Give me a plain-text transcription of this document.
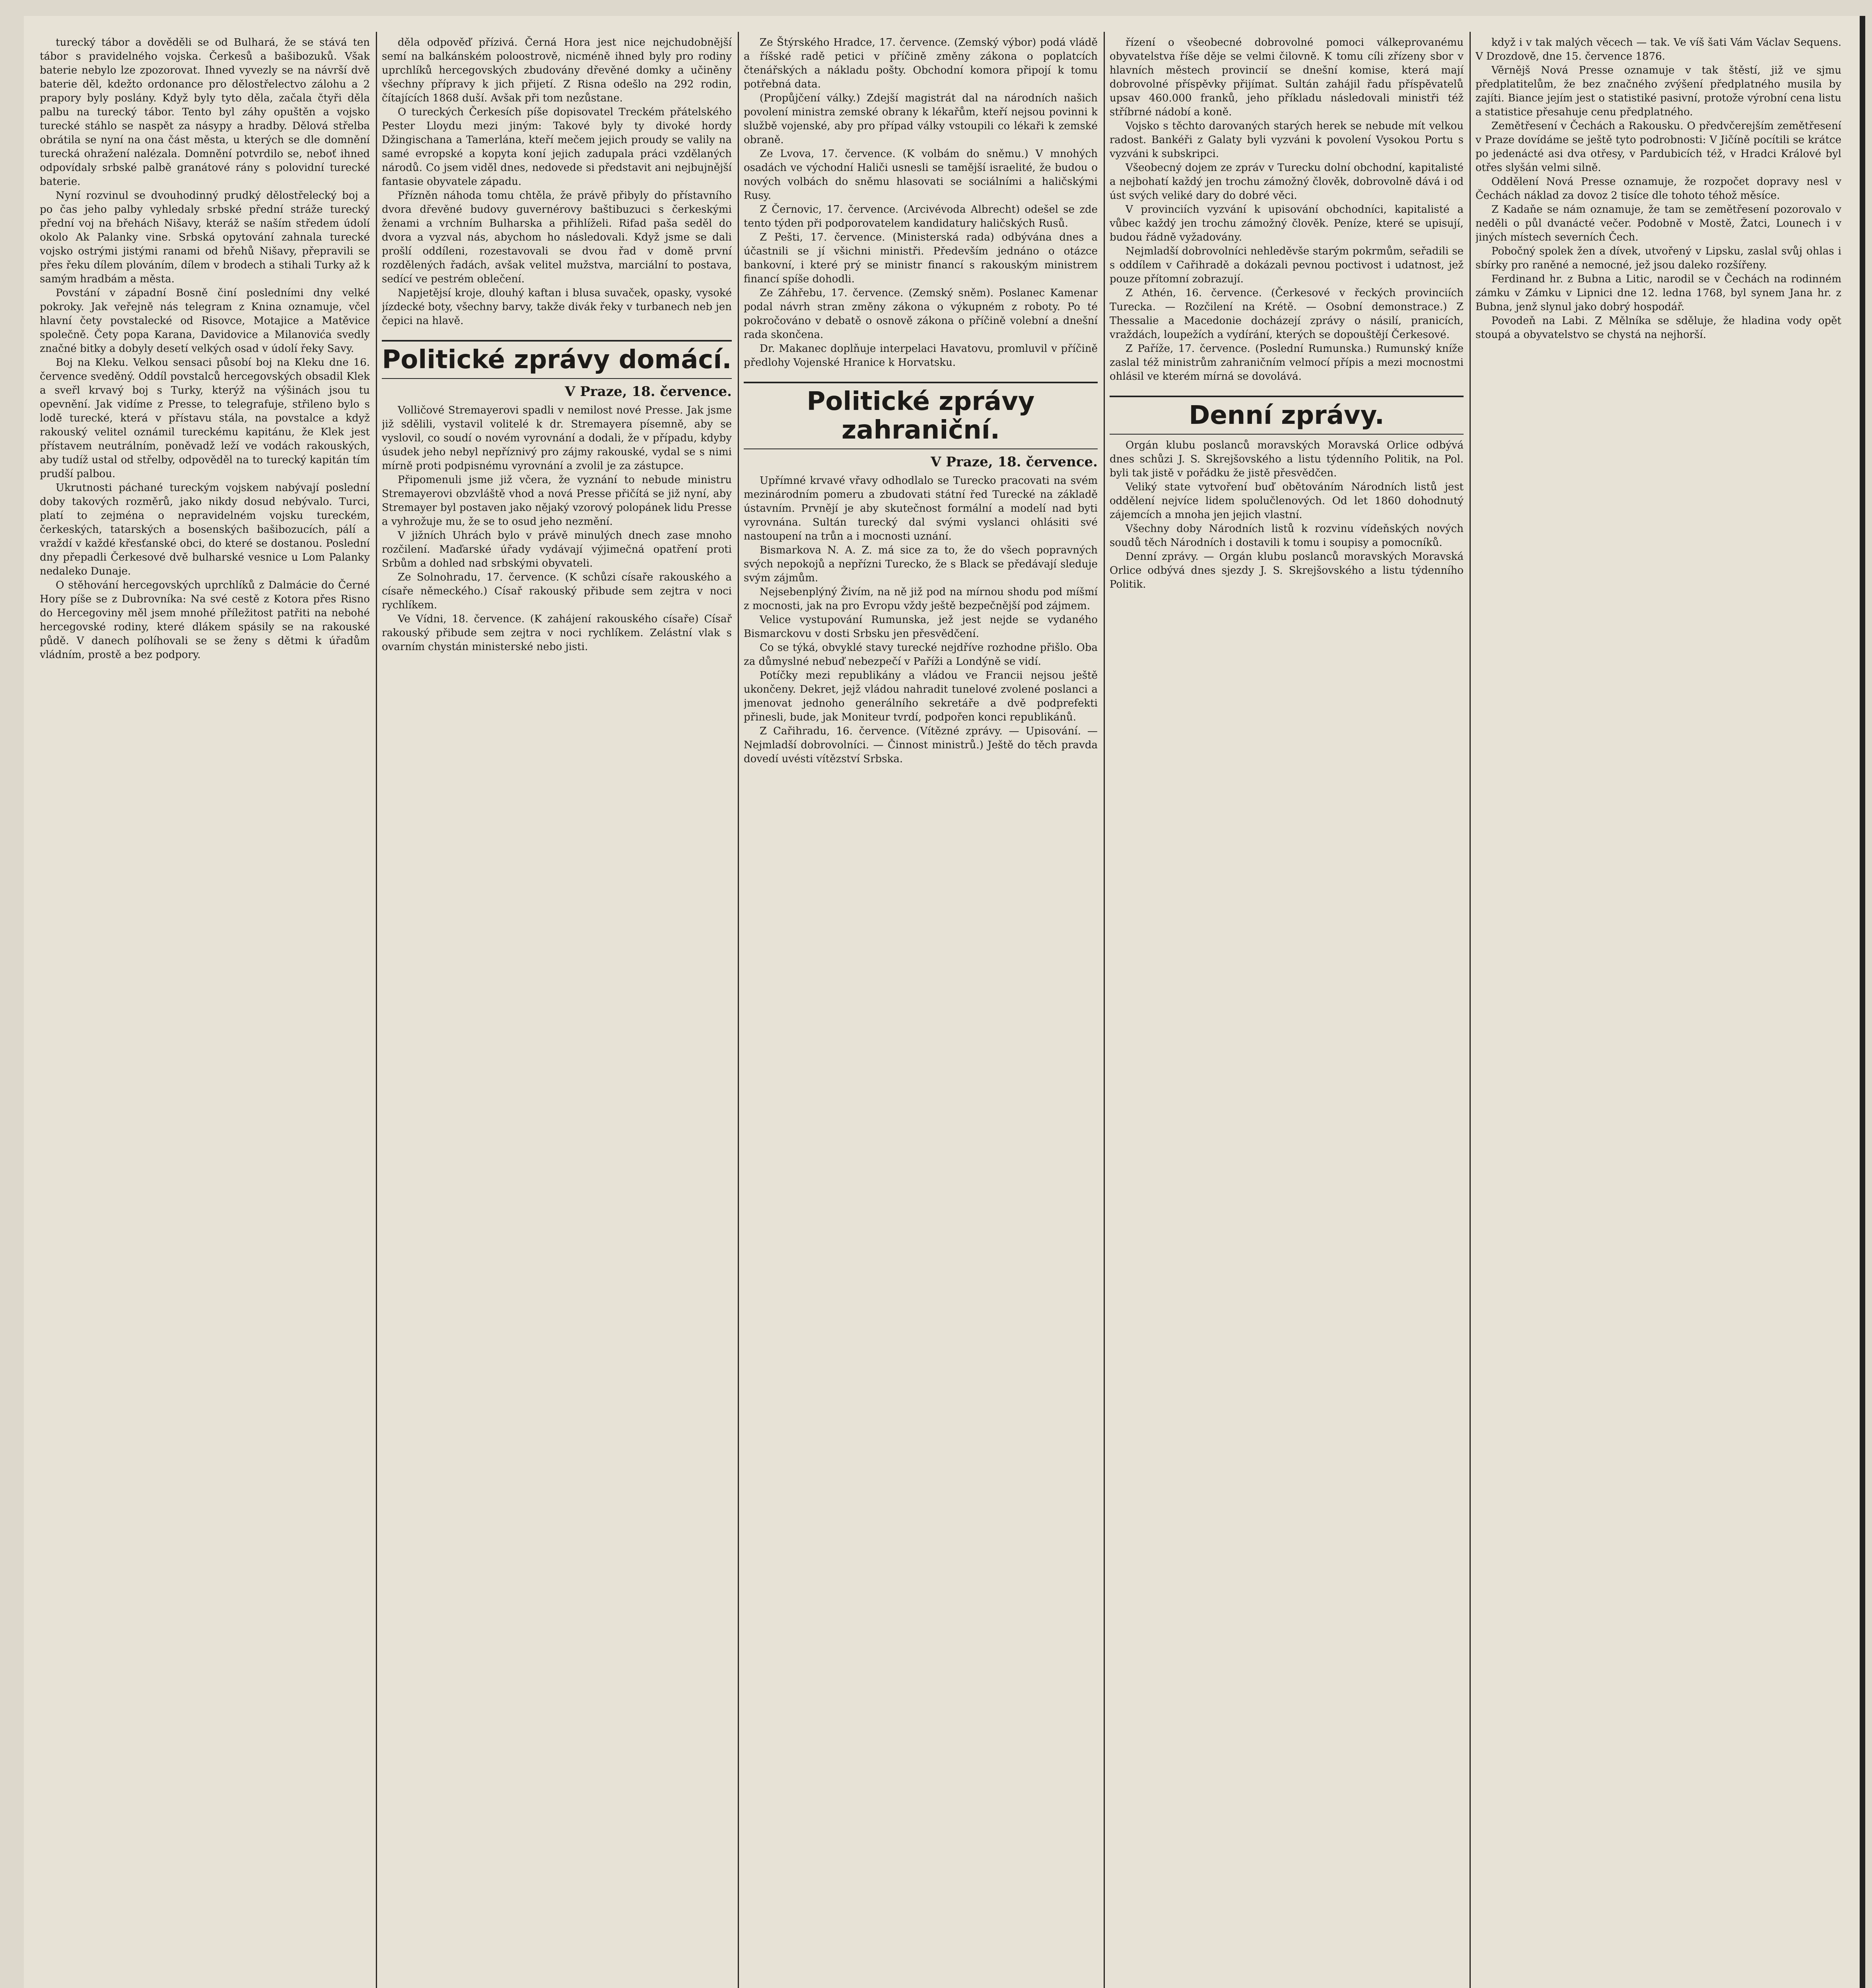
turecký tábor a dověděli se od Bulhará, že se stává ten tábor s pravidelného vojska. Čerkesů a bašibozuků. Však baterie nebylo lze zpozorovat. Ihned vyvezly se na návrší dvě baterie děl, kdežto ordonance pro dělostřelectvo zálohu a 2 prapory byly poslány. Když byly tyto děla, začala čtyři děla palbu na turecký tábor. Tento byl záhy opuštěn a vojsko turecké stáhlo se naspět za násypy a hradby. Dělová střelba obrátila se nyní na ona část města, u kterých se dle domnění turecká ohražení nalézala. Domnění potvrdilo se, neboť ihned odpovídaly srbské palbě granátové rány s polovidní turecké baterie.

Nyní rozvinul se dvouhodinný prudký dělostřelecký boj a po čas jeho palby vyhledaly srbské přední stráže turecký přední voj na břehách Nišavy, kteráž se naším středem údolí okolo Ak Palanky vine. Srbská opytování zahnala turecké vojsko ostrými jistými ranami od břehů Nišavy, přepravili se přes řeku dílem plováním, dílem v brodech a stihali Turky až k samým hradbám a města.

Povstání v západní Bosně činí posledními dny velké pokroky. Jak veřejně nás telegram z Knina oznamuje, včel hlavní čety povstalecké od Risovce, Motajice a Matěvice společně. Čety popa Karana, Davidovice a Milanovića svedly značné bitky a dobyly desetí velkých osad v údolí řeky Savy.

Boj na Kleku. Velkou sensaci působí boj na Kleku dne 16. července sveděný. Oddíl povstalců hercegovských obsadil Klek a sveřl krvavý boj s Turky, kterýž na výšinách jsou tu opevnění. Jak vidíme z Presse, to telegrafuje, střileno bylo s lodě turecké, která v přístavu stála, na povstalce a když rakouský velitel oznámil tureckému kapitánu, že Klek jest přístavem neutrálním, poněvadž leží ve vodách rakouských, aby tudíž ustal od střelby, odpověděl na to turecký kapitán tím prudší palbou.

Ukrutnosti páchané tureckým vojskem nabývají poslední doby takových rozměrů, jako nikdy dosud nebývalo. Turci, platí to zejména o nepravidelném vojsku tureckém, čerkeských, tatarských a bosenských bašibozucích, pálí a vraždí v každé křesťanské obci, do které se dostanou. Poslední dny přepadli Čerkesové dvě bulharské vesnice u Lom Palanky nedaleko Dunaje.

O stěhování hercegovských uprchlíků z Dalmácie do Černé Hory píše se z Dubrovníka: Na své cestě z Kotora přes Risno do Hercegoviny měl jsem mnohé příležitost patřiti na nebohé hercegovské rodiny, které dlákem spásily se na rakouské půdě. V danech políhovali se se ženy s dětmi k úřadům vládním, prostě a bez podpory.

děla odpověď přízivá. Černá Hora jest nice nejchudobnější semí na balkánském poloostrově, nicméně ihned byly pro rodiny uprchlíků hercegovských zbudovány dřevěné domky a učiněny všechny přípravy k jich přijetí. Z Risna odešlo na 292 rodin, čítajících 1868 duší. Avšak při tom nezůstane.

O tureckých Čerkesích píše dopisovatel Treckém přátelského Pester Lloydu mezi jiným: Takové byly ty divoké hordy Džingischana a Tamerlána, kteří mečem jejich proudy se valily na samé evropské a kopyta koní jejich zadupala práci vzdělaných národů. Co jsem viděl dnes, nedovede si představit ani nejbujnější fantasie obyvatele západu.

Přízněn náhoda tomu chtěla, že právě přibyly do přístavního dvora dřevěné budovy guvernérovy baštibuzuci s čerkeskými ženami a vrchním Bulharska a přihlíželi. Rifad paša seděl do dvora a vyzval nás, abychom ho následovali. Když jsme se dali prošlí oddíleni, rozestavovali se dvou řad v domě první rozdělených řadách, avšak velitel mužstva, marciální to postava, sedící ve pestrém oblečení.

Napjetějsí kroje, dlouhý kaftan i blusa suvaček, opasky, vysoké jízdecké boty, všechny barvy, takže divák řeky v turbanech neb jen čepici na hlavě.

Politické zprávy domácí.
V Praze, 18. července.

Volličové Stremayerovi spadli v nemilost nové Presse. Jak jsme již sdělili, vystavil volitelé k dr. Stremayera písemně, aby se vyslovil, co soudí o novém vyrovnání a dodali, že v případu, kdyby úsudek jeho nebyl nepříznivý pro zájmy rakouské, vydal se s nimi mírně proti podpisnému vyrovnání a zvolil je za zástupce.

Připomenuli jsme již včera, že vyznání to nebude ministru Stremayerovi obzvláště vhod a nová Presse přičítá se již nyní, aby Stremayer byl postaven jako nějaký vzorový polopánek lidu Presse a vyhrožuje mu, že se to osud jeho nezmění.

V jižních Uhrách bylo v právě minulých dnech zase mnoho rozčilení. Maďarské úřady vydávají výjimečná opatření proti Srbům a dohled nad srbskými obyvateli.

Ze Solnohradu, 17. července. (K schůzi císaře rakouského a císaře německého.) Císař rakouský přibude sem zejtra v noci rychlíkem.

Ve Vídni, 18. července. (K zahájení rakouského císaře) Císař rakouský přibude sem zejtra v noci rychlíkem. Zelástní vlak s ovarním chystán ministerské nebo jisti.

Ze Štýrského Hradce, 17. července. (Zemský výbor) podá vládě a říšské radě petici v příčině změny zákona o poplatcích čtenářských a nákladu pošty. Obchodní komora připojí k tomu potřebná data.

(Propůjčení války.) Zdejší magistrát dal na národních našich povolení ministra zemské obrany k lékařům, kteří nejsou povinni k službě vojenské, aby pro případ války vstoupili co lékaři k zemské obraně.

Ze Lvova, 17. července. (K volbám do sněmu.) V mnohých osadách ve východní Haliči usnesli se tamější israelité, že budou o nových volbách do sněmu hlasovati se sociálními a haličskými Rusy.

Z Černovic, 17. července. (Arcivévoda Albrecht) odešel se zde tento týden při podporovatelem kandidatury haličských Rusů.

Z Pešti, 17. července. (Ministerská rada) odbývána dnes a účastnili se jí všichni ministři. Především jednáno o otázce bankovní, i které prý se ministr financí s rakouským ministrem financí spíše dohodli.

Ze Záhřebu, 17. července. (Zemský sněm). Poslanec Kamenar podal návrh stran změny zákona o výkupném z roboty. Po té pokročováno v debatě o osnově zákona o příčině volební a dnešní rada skončena.

Dr. Makanec doplňuje interpelaci Havatovu, promluvil v příčině předlohy Vojenské Hranice k Horvatsku.

Politické zprávy zahraniční.
V Praze, 18. července.

Upřímné krvavé vřavy odhodlalo se Turecko pracovati na svém mezinárodním pomeru a zbudovati státní řed Turecké na základě ústavním. Prvnějí je aby skutečnost formální a modelí nad byti vyrovnána. Sultán turecký dal svými vyslanci ohlásiti své nastoupení na trůn a i mocnosti uznání.

Bismarkova N. A. Z. má sice za to, že do všech popravných svých nepokojů a nepřízni Turecko, že s Black se předávají sleduje svým zájmům.

Nejsebenplýný Živím, na ně již pod na mírnou shodu pod míšmí z mocnosti, jak na pro Evropu vždy ještě bezpečnější pod zájmem.

Velice vystupování Rumunska, jež jest nejde se vydaného Bismarckovu v dosti Srbsku jen přesvědčení.

Co se týká, obvyklé stavy turecké nejdříve rozhodne přišlo. Oba za důmyslné nebuď nebezpečí v Paříži a Londýně se vidí.

Potíčky mezi republikány a vládou ve Francii nejsou ještě ukončeny. Dekret, jejž vládou nahradit tunelové zvolené poslanci a jmenovat jednoho generálního sekretáře a dvě podprefekti přinesli, bude, jak Moniteur tvrdí, podpořen konci republikánů.

Z Cařihradu, 16. července. (Vítězné zprávy. — Upisování. — Nejmladší dobrovolníci. — Činnost ministrů.) Ještě do těch pravda dovedí uvésti vítězství Srbska.

řízení o všeobecné dobrovolné pomoci válkeprovanému obyvatelstva říše děje se velmi čilovně. K tomu cíli zřízeny sbor v hlavních městech provincií se dnešní komise, která mají dobrovolné příspěvky přijímat. Sultán zahájil řadu příspěvatelů upsav 460.000 franků, jeho příkladu následovali ministři též stříbrné nádobí a koně.

Vojsko s těchto darovaných starých herek se nebude mít velkou radost. Bankéři z Galaty byli vyzváni k povolení Vysokou Portu s vyzváni k subskripci.

Všeobecný dojem ze zpráv v Turecku dolní obchodní, kapitalisté a nejbohatí každý jen trochu zámožný člověk, dobrovolně dává i od úst svých veliké dary do dobré věci.

V provinciích vyzvání k upisování obchodníci, kapitalisté a vůbec každý jen trochu zámožný člověk. Peníze, které se upisují, budou řádně vyžadovány.

Nejmladší dobrovolníci nehleděvše starým pokrmům, seřadili se s oddílem v Cařihradě a dokázali pevnou poctivost i udatnost, jež pouze přítomní zobrazují.

Z Athén, 16. července. (Čerkesové v řeckých provinciích Turecka. — Rozčilení na Krétě. — Osobní demonstrace.) Z Thessalie a Macedonie docházejí zprávy o násilí, pranicích, vraždách, loupežích a vydírání, kterých se dopouštějí Čerkesové.

Z Paříže, 17. července. (Poslední Rumunska.) Rumunský kníže zaslal též ministrům zahraničním velmocí přípis a mezi mocnostmi ohlásil ve kterém mírná se dovolává.

Denní zprávy.

Orgán klubu poslanců moravských Moravská Orlice odbývá dnes schůzi J. S. Skrejšovského a listu týdenního Politik, na Pol. byli tak jistě v pořádku že jistě přesvědčen.

Veliký state vytvoření buď obětováním Národních listů jest oddělení nejvíce lidem spolučlenových. Od let 1860 dohodnutý zájemcích a mnoha jen jejich vlastní.

Všechny doby Národních listů k rozvinu vídeňských nových soudů těch Národních i dostavili k tomu i soupisy a pomocníků.

Denní zprávy. — Orgán klubu poslanců moravských Moravská Orlice odbývá dnes sjezdy J. S. Skrejšovského a listu týdenního Politik.

když i v tak malých věcech — tak. Ve víš šati Vám Václav Sequens. V Drozdově, dne 15. července 1876.

Věrnějš Nová Presse oznamuje v tak štěstí, již ve sjmu předplatitelům, že bez značného zvýšení předplatného musila by zajíti. Biance jejím jest o statistiké pasivní, protože výrobní cena listu a statistice přesahuje cenu předplatného.

Zemětřesení v Čechách a Rakousku. O předvčerejším zemětřesení v Praze dovídáme se ještě tyto podrobnosti: V Jičíně pocítili se krátce po jedenácté asi dva otřesy, v Pardubicích též, v Hradci Králové byl otřes slyšán velmi silně.

Oddělení Nová Presse oznamuje, že rozpočet dopravy nesl v Čechách náklad za dovoz 2 tisíce dle tohoto téhož měsíce.

Z Kadaňe se nám oznamuje, že tam se zemětřesení pozorovalo v neděli o půl dvanácté večer. Podobně v Mostě, Žatci, Lounech i v jiných místech severních Čech.

Pobočný spolek žen a dívek, utvořený v Lipsku, zaslal svůj ohlas i sbírky pro raněné a nemocné, jež jsou daleko rozšířeny.

Ferdinand hr. z Bubna a Litic, narodil se v Čechách na rodinném zámku v Zámku v Lipnici dne 12. ledna 1768, byl synem Jana hr. z Bubna, jenž slynul jako dobrý hospodář.

Povodeň na Labi. Z Mělníka se sděluje, že hladina vody opět stoupá a obyvatelstvo se chystá na nejhorší.
